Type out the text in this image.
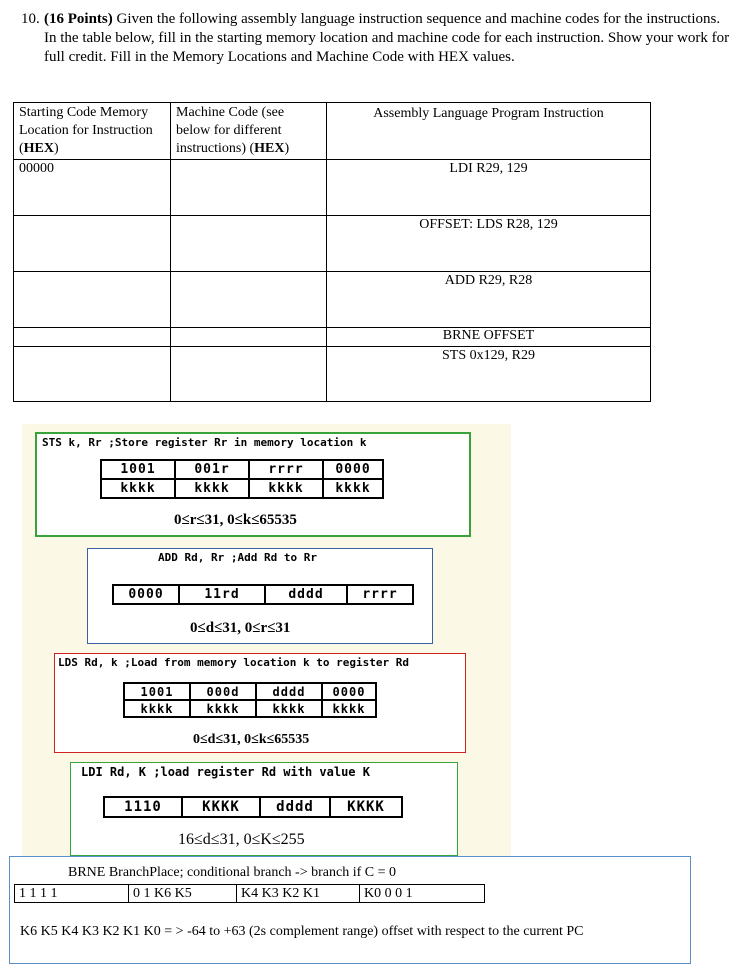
10. (16 Points) Given the following assembly language instruction sequence and machine codes for the instructions. In the table below, fill in the starting memory location and machine code for each instruction. Show your work for full credit. Fill in the Memory Locations and Machine Code with HEX values.
Starting Code Memory Location for Instruction (HEX)	Machine Code (see below for different instructions) (HEX)	Assembly Language Program Instruction
00000		LDI R29, 129
		OFFSET: LDS R28, 129
		ADD R29, R28
		BRNE OFFSET
		STS 0x129, R29
STS k, Rr ;Store register Rr in memory location k
1001	001r	rrrr	0000
kkkk	kkkk	kkkk	kkkk
0≤r≤31, 0≤k≤65535
ADD Rd, Rr ;Add Rd to Rr
0000	11rd	dddd	rrrr
0≤d≤31, 0≤r≤31
LDS Rd, k ;Load from memory location k to register Rd
1001	000d	dddd	0000
kkkk	kkkk	kkkk	kkkk
0≤d≤31, 0≤k≤65535
LDI Rd, K ;load register Rd with value K
1110	KKKK	dddd	KKKK
16≤d≤31, 0≤K≤255
BRNE BranchPlace; conditional branch -> branch if C = 0
1 1 1 1	0 1 K6 K5	K4 K3 K2 K1	K0 0 0 1
K6 K5 K4 K3 K2 K1 K0 = > -64 to +63 (2s complement range) offset with respect to the current PC
